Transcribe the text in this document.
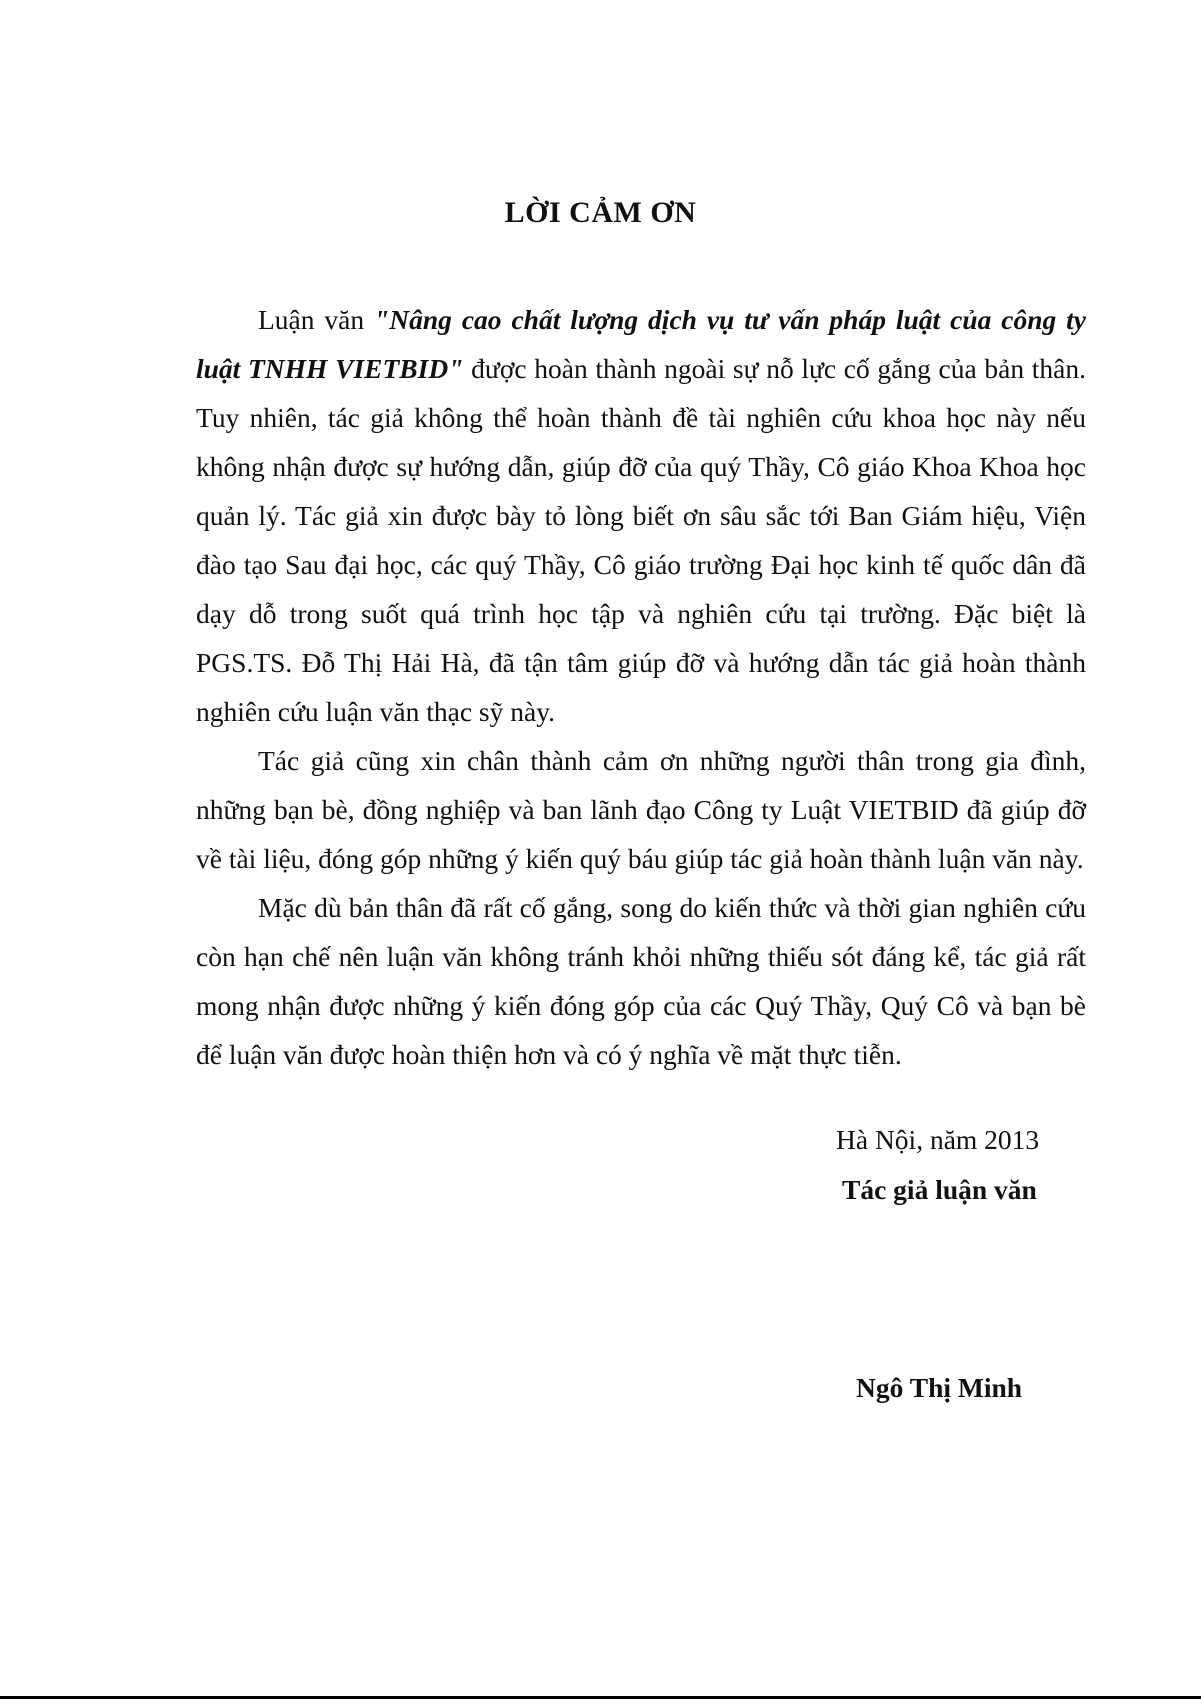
LỜI CẢM ƠN

Luận văn "Nâng cao chất lượng dịch vụ tư vấn pháp luật của công ty luật TNHH VIETBID" được hoàn thành ngoài sự nỗ lực cố gắng của bản thân. Tuy nhiên, tác giả không thể hoàn thành đề tài nghiên cứu khoa học này nếu không nhận được sự hướng dẫn, giúp đỡ của quý Thầy, Cô giáo Khoa Khoa học quản lý. Tác giả xin được bày tỏ lòng biết ơn sâu sắc tới Ban Giám hiệu, Viện đào tạo Sau đại học, các quý Thầy, Cô giáo trường Đại học kinh tế quốc dân đã dạy dỗ trong suốt quá trình học tập và nghiên cứu tại trường. Đặc biệt là PGS.TS. Đỗ Thị Hải Hà, đã tận tâm giúp đỡ và hướng dẫn tác giả hoàn thành nghiên cứu luận văn thạc sỹ này.

Tác giả cũng xin chân thành cảm ơn những người thân trong gia đình, những bạn bè, đồng nghiệp và ban lãnh đạo Công ty Luật VIETBID đã giúp đỡ về tài liệu, đóng góp những ý kiến quý báu giúp tác giả hoàn thành luận văn này.

Mặc dù bản thân đã rất cố gắng, song do kiến thức và thời gian nghiên cứu còn hạn chế nên luận văn không tránh khỏi những thiếu sót đáng kể, tác giả rất mong nhận được những ý kiến đóng góp của các Quý Thầy, Quý Cô và bạn bè để luận văn được hoàn thiện hơn và có ý nghĩa về mặt thực tiễn.

Hà Nội, năm 2013
Tác giả luận văn
Ngô Thị Minh
